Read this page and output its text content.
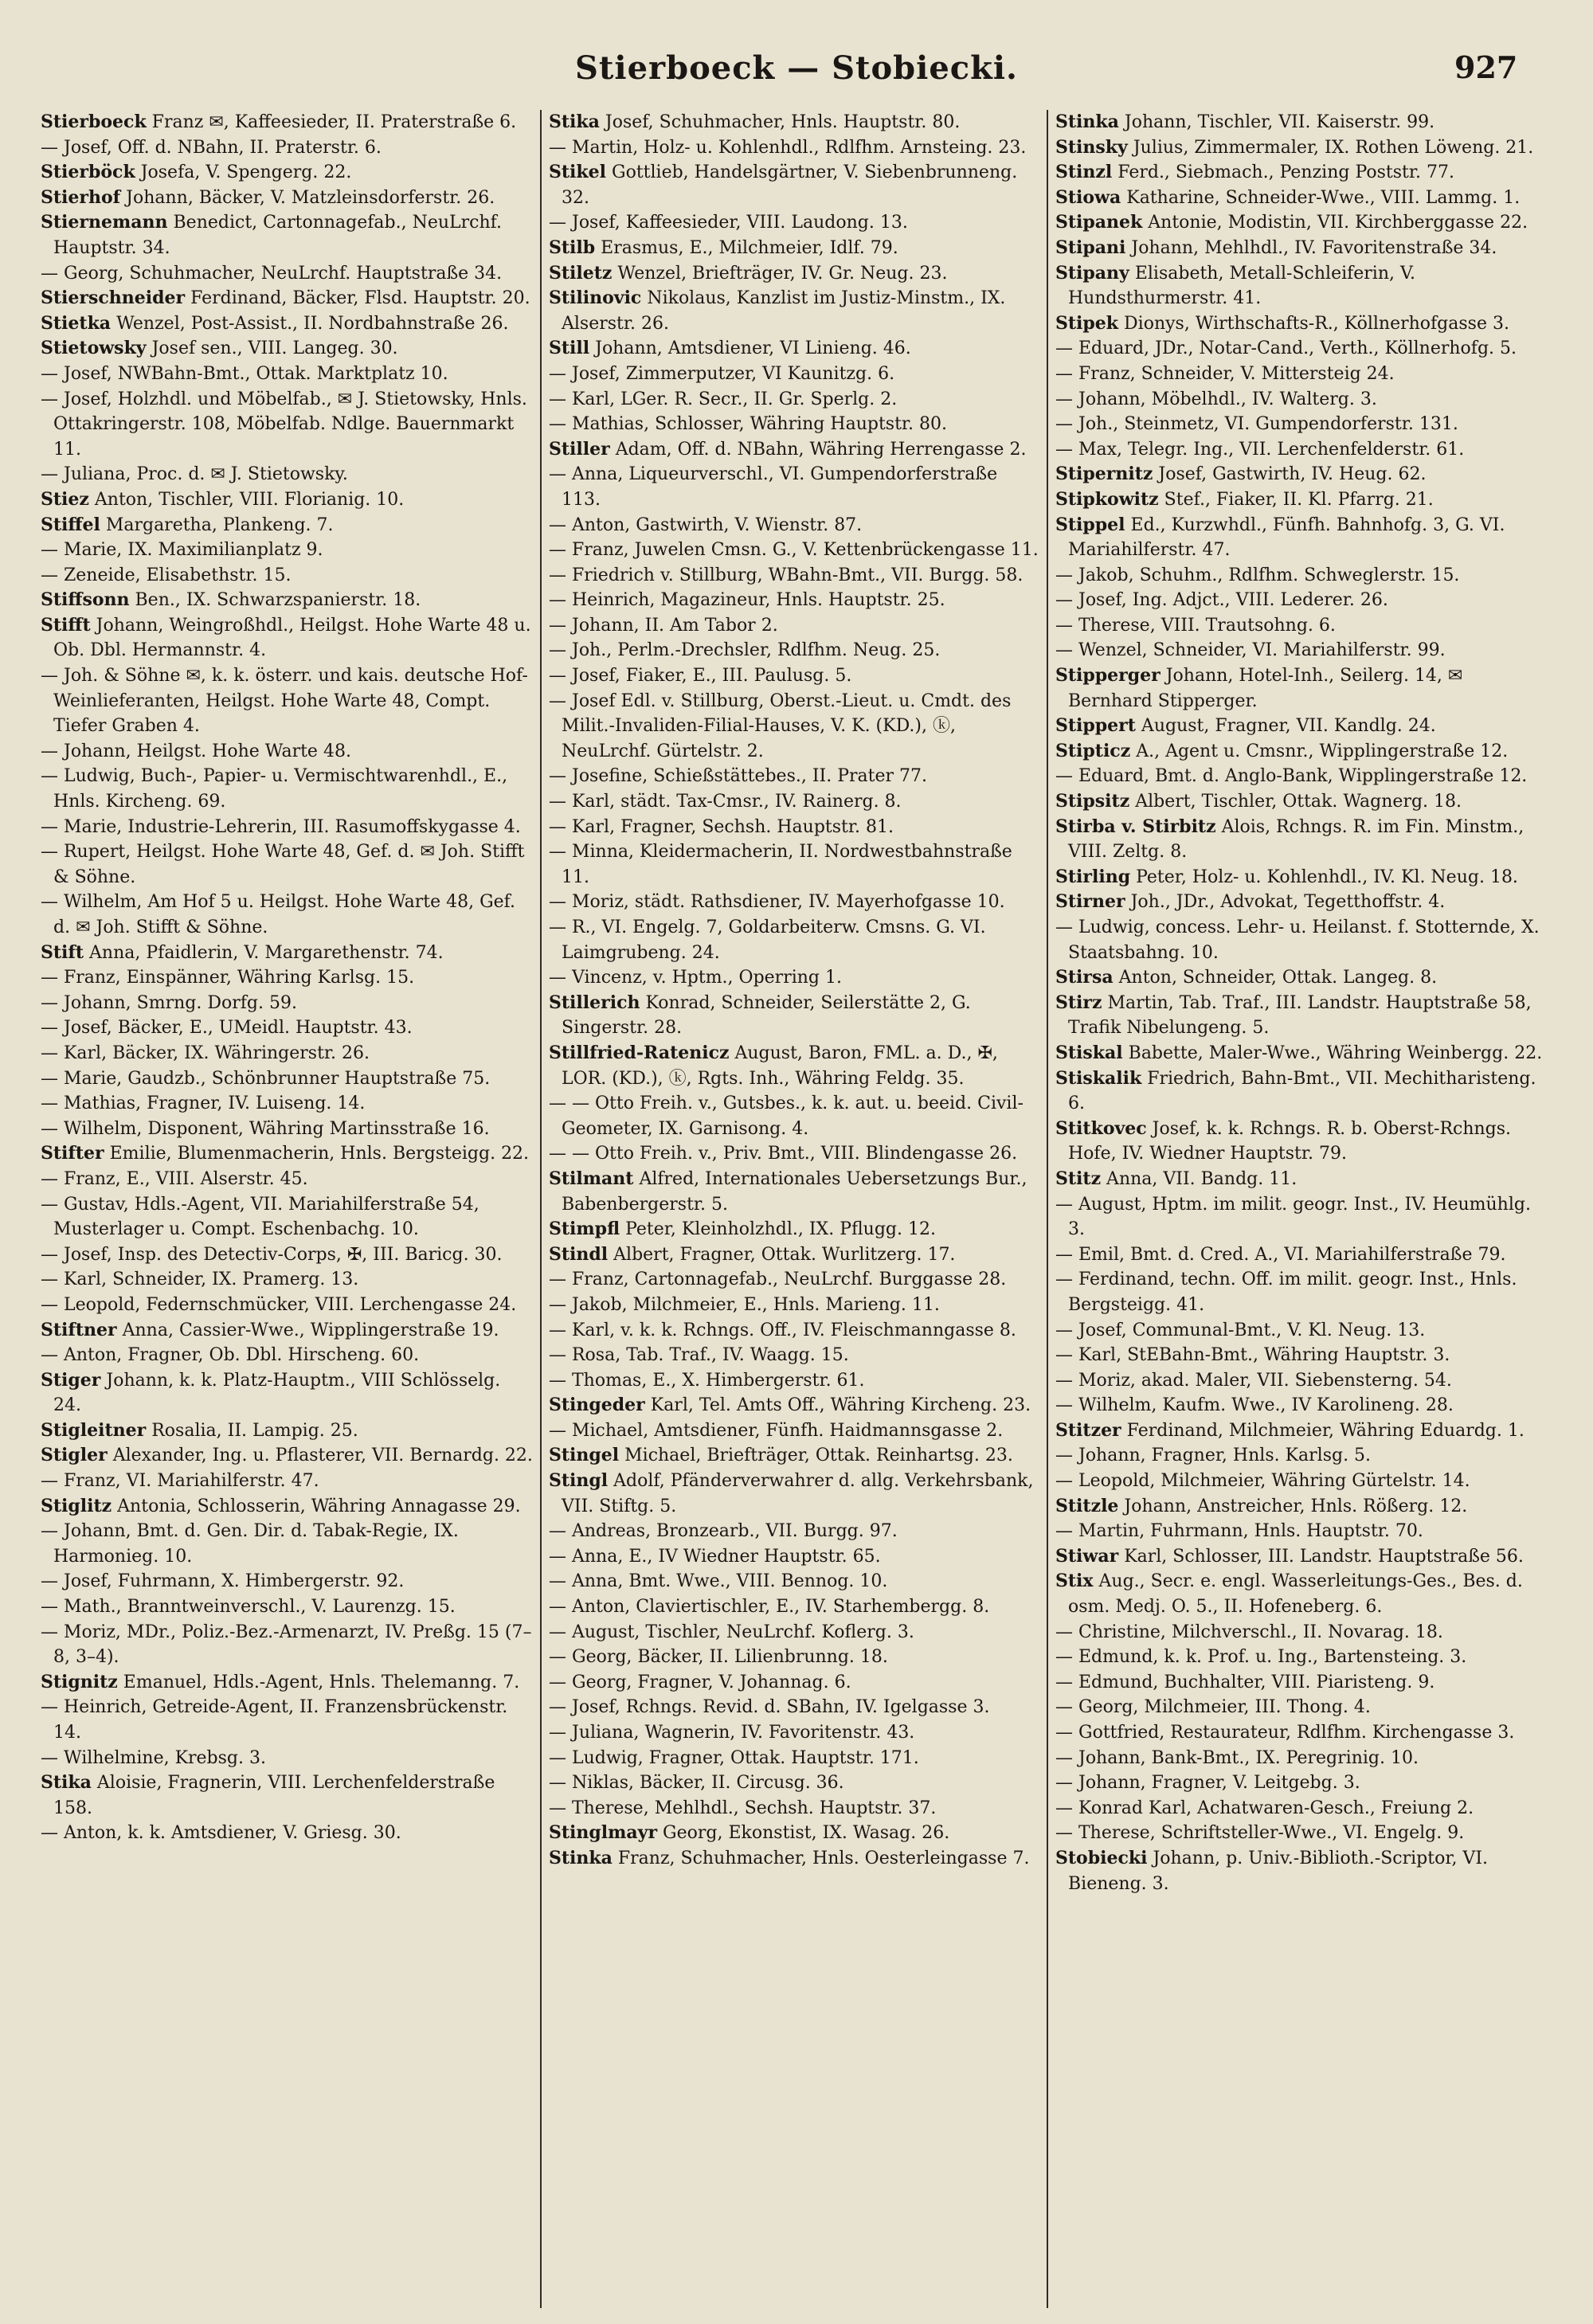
Stierboeck — Stobiecki.	927
Stierboeck Franz ✉, Kaffeesieder, II. Praterstraße 6.
— Josef, Off. d. NBahn, II. Praterstr. 6.
Stierböck Josefa, V. Spengerg. 22.
Stierhof Johann, Bäcker, V. Matzleinsdorferstr. 26.
Stiernemann Benedict, Cartonnagefab., NeuLrchf. Hauptstr. 34.
— Georg, Schuhmacher, NeuLrchf. Hauptstraße 34.
Stierschneider Ferdinand, Bäcker, Flsd. Hauptstr. 20.
Stietka Wenzel, Post-Assist., II. Nordbahnstraße 26.
Stietowsky Josef sen., VIII. Langeg. 30.
— Josef, NWBahn-Bmt., Ottak. Marktplatz 10.
— Josef, Holzhdl. und Möbelfab., ✉ J. Stietowsky, Hnls. Ottakringerstr. 108, Möbelfab. Ndlge. Bauernmarkt 11.
— Juliana, Proc. d. ✉ J. Stietowsky.
Stiez Anton, Tischler, VIII. Florianig. 10.
Stiffel Margaretha, Plankeng. 7.
— Marie, IX. Maximilianplatz 9.
— Zeneide, Elisabethstr. 15.
Stiffsonn Ben., IX. Schwarzspanierstr. 18.
Stifft Johann, Weingroßhdl., Heilgst. Hohe Warte 48 u. Ob. Dbl. Hermannstr. 4.
— Joh. & Söhne ✉, k. k. österr. und kais. deutsche Hof-Weinlieferanten, Heilgst. Hohe Warte 48, Compt. Tiefer Graben 4.
— Johann, Heilgst. Hohe Warte 48.
— Ludwig, Buch-, Papier- u. Vermischtwarenhdl., E., Hnls. Kircheng. 69.
— Marie, Industrie-Lehrerin, III. Rasumoffskygasse 4.
— Rupert, Heilgst. Hohe Warte 48, Gef. d. ✉ Joh. Stifft & Söhne.
— Wilhelm, Am Hof 5 u. Heilgst. Hohe Warte 48, Gef. d. ✉ Joh. Stifft & Söhne.
Stift Anna, Pfaidlerin, V. Margarethenstr. 74.
— Franz, Einspänner, Währing Karlsg. 15.
— Johann, Smrng. Dorfg. 59.
— Josef, Bäcker, E., UMeidl. Hauptstr. 43.
— Karl, Bäcker, IX. Währingerstr. 26.
— Marie, Gaudzb., Schönbrunner Hauptstraße 75.
— Mathias, Fragner, IV. Luiseng. 14.
— Wilhelm, Disponent, Währing Martinsstraße 16.
Stifter Emilie, Blumenmacherin, Hnls. Bergsteigg. 22.
— Franz, E., VIII. Alserstr. 45.
— Gustav, Hdls.-Agent, VII. Mariahilferstraße 54, Musterlager u. Compt. Eschenbachg. 10.
— Josef, Insp. des Detectiv-Corps, ✠, III. Baricg. 30.
— Karl, Schneider, IX. Pramerg. 13.
— Leopold, Federnschmücker, VIII. Lerchengasse 24.
Stiftner Anna, Cassier-Wwe., Wipplingerstraße 19.
— Anton, Fragner, Ob. Dbl. Hirscheng. 60.
Stiger Johann, k. k. Platz-Hauptm., VIII Schlösselg. 24.
Stigleitner Rosalia, II. Lampig. 25.
Stigler Alexander, Ing. u. Pflasterer, VII. Bernardg. 22.
— Franz, VI. Mariahilferstr. 47.
Stiglitz Antonia, Schlosserin, Währing Annagasse 29.
— Johann, Bmt. d. Gen. Dir. d. Tabak-Regie, IX. Harmonieg. 10.
— Josef, Fuhrmann, X. Himbergerstr. 92.
— Math., Branntweinverschl., V. Laurenzg. 15.
— Moriz, MDr., Poliz.-Bez.-Armenarzt, IV. Preßg. 15 (7–8, 3–4).
Stignitz Emanuel, Hdls.-Agent, Hnls. Thelemanng. 7.
— Heinrich, Getreide-Agent, II. Franzensbrückenstr. 14.
— Wilhelmine, Krebsg. 3.
Stika Aloisie, Fragnerin, VIII. Lerchenfelderstraße 158.
— Anton, k. k. Amtsdiener, V. Griesg. 30.
Stika Josef, Schuhmacher, Hnls. Hauptstr. 80.
— Martin, Holz- u. Kohlenhdl., Rdlfhm. Arnsteing. 23.
Stikel Gottlieb, Handelsgärtner, V. Siebenbrunneng. 32.
— Josef, Kaffeesieder, VIII. Laudong. 13.
Stilb Erasmus, E., Milchmeier, Idlf. 79.
Stiletz Wenzel, Briefträger, IV. Gr. Neug. 23.
Stilinovic Nikolaus, Kanzlist im Justiz-Minstm., IX. Alserstr. 26.
Still Johann, Amtsdiener, VI Linieng. 46.
— Josef, Zimmerputzer, VI Kaunitzg. 6.
— Karl, LGer. R. Secr., II. Gr. Sperlg. 2.
— Mathias, Schlosser, Währing Hauptstr. 80.
Stiller Adam, Off. d. NBahn, Währing Herrengasse 2.
— Anna, Liqueurverschl., VI. Gumpendorferstraße 113.
— Anton, Gastwirth, V. Wienstr. 87.
— Franz, Juwelen Cmsn. G., V. Kettenbrückengasse 11.
— Friedrich v. Stillburg, WBahn-Bmt., VII. Burgg. 58.
— Heinrich, Magazineur, Hnls. Hauptstr. 25.
— Johann, II. Am Tabor 2.
— Joh., Perlm.-Drechsler, Rdlfhm. Neug. 25.
— Josef, Fiaker, E., III. Paulusg. 5.
— Josef Edl. v. Stillburg, Oberst.-Lieut. u. Cmdt. des Milit.-Invaliden-Filial-Hauses, V. K. (KD.), ⓚ, NeuLrchf. Gürtelstr. 2.
— Josefine, Schießstättebes., II. Prater 77.
— Karl, städt. Tax-Cmsr., IV. Rainerg. 8.
— Karl, Fragner, Sechsh. Hauptstr. 81.
— Minna, Kleidermacherin, II. Nordwestbahnstraße 11.
— Moriz, städt. Rathsdiener, IV. Mayerhofgasse 10.
— R., VI. Engelg. 7, Goldarbeiterw. Cmsns. G. VI. Laimgrubeng. 24.
— Vincenz, v. Hptm., Operring 1.
Stillerich Konrad, Schneider, Seilerstätte 2, G. Singerstr. 28.
Stillfried-Ratenicz August, Baron, FML. a. D., ✠, LOR. (KD.), ⓚ, Rgts. Inh., Währing Feldg. 35.
— — Otto Freih. v., Gutsbes., k. k. aut. u. beeid. Civil-Geometer, IX. Garnisong. 4.
— — Otto Freih. v., Priv. Bmt., VIII. Blindengasse 26.
Stilmant Alfred, Internationales Uebersetzungs Bur., Babenbergerstr. 5.
Stimpfl Peter, Kleinholzhdl., IX. Pflugg. 12.
Stindl Albert, Fragner, Ottak. Wurlitzerg. 17.
— Franz, Cartonnagefab., NeuLrchf. Burggasse 28.
— Jakob, Milchmeier, E., Hnls. Marieng. 11.
— Karl, v. k. k. Rchngs. Off., IV. Fleischmanngasse 8.
— Rosa, Tab. Traf., IV. Waagg. 15.
— Thomas, E., X. Himbergerstr. 61.
Stingeder Karl, Tel. Amts Off., Währing Kircheng. 23.
— Michael, Amtsdiener, Fünfh. Haidmannsgasse 2.
Stingel Michael, Briefträger, Ottak. Reinhartsg. 23.
Stingl Adolf, Pfänderverwahrer d. allg. Verkehrsbank, VII. Stiftg. 5.
— Andreas, Bronzearb., VII. Burgg. 97.
— Anna, E., IV Wiedner Hauptstr. 65.
— Anna, Bmt. Wwe., VIII. Bennog. 10.
— Anton, Claviertischler, E., IV. Starhembergg. 8.
— August, Tischler, NeuLrchf. Koflerg. 3.
— Georg, Bäcker, II. Lilienbrunng. 18.
— Georg, Fragner, V. Johannag. 6.
— Josef, Rchngs. Revid. d. SBahn, IV. Igelgasse 3.
— Juliana, Wagnerin, IV. Favoritenstr. 43.
— Ludwig, Fragner, Ottak. Hauptstr. 171.
— Niklas, Bäcker, II. Circusg. 36.
— Therese, Mehlhdl., Sechsh. Hauptstr. 37.
Stinglmayr Georg, Ekonstist, IX. Wasag. 26.
Stinka Franz, Schuhmacher, Hnls. Oesterleingasse 7.
Stinka Johann, Tischler, VII. Kaiserstr. 99.
Stinsky Julius, Zimmermaler, IX. Rothen Löweng. 21.
Stinzl Ferd., Siebmach., Penzing Poststr. 77.
Stiowa Katharine, Schneider-Wwe., VIII. Lammg. 1.
Stipanek Antonie, Modistin, VII. Kirchberggasse 22.
Stipani Johann, Mehlhdl., IV. Favoritenstraße 34.
Stipany Elisabeth, Metall-Schleiferin, V. Hundsthurmerstr. 41.
Stipek Dionys, Wirthschafts-R., Köllnerhofgasse 3.
— Eduard, JDr., Notar-Cand., Verth., Köllnerhofg. 5.
— Franz, Schneider, V. Mittersteig 24.
— Johann, Möbelhdl., IV. Walterg. 3.
— Joh., Steinmetz, VI. Gumpendorferstr. 131.
— Max, Telegr. Ing., VII. Lerchenfelderstr. 61.
Stipernitz Josef, Gastwirth, IV. Heug. 62.
Stipkowitz Stef., Fiaker, II. Kl. Pfarrg. 21.
Stippel Ed., Kurzwhdl., Fünfh. Bahnhofg. 3, G. VI. Mariahilferstr. 47.
— Jakob, Schuhm., Rdlfhm. Schweglerstr. 15.
— Josef, Ing. Adjct., VIII. Lederer. 26.
— Therese, VIII. Trautsohng. 6.
— Wenzel, Schneider, VI. Mariahilferstr. 99.
Stipperger Johann, Hotel-Inh., Seilerg. 14, ✉ Bernhard Stipperger.
Stippert August, Fragner, VII. Kandlg. 24.
Stipticz A., Agent u. Cmsnr., Wipplingerstraße 12.
— Eduard, Bmt. d. Anglo-Bank, Wipplingerstraße 12.
Stipsitz Albert, Tischler, Ottak. Wagnerg. 18.
Stirba v. Stirbitz Alois, Rchngs. R. im Fin. Minstm., VIII. Zeltg. 8.
Stirling Peter, Holz- u. Kohlenhdl., IV. Kl. Neug. 18.
Stirner Joh., JDr., Advokat, Tegetthoffstr. 4.
— Ludwig, concess. Lehr- u. Heilanst. f. Stotternde, X. Staatsbahng. 10.
Stirsa Anton, Schneider, Ottak. Langeg. 8.
Stirz Martin, Tab. Traf., III. Landstr. Hauptstraße 58, Trafik Nibelungeng. 5.
Stiskal Babette, Maler-Wwe., Währing Weinbergg. 22.
Stiskalik Friedrich, Bahn-Bmt., VII. Mechitharisteng. 6.
Stitkovec Josef, k. k. Rchngs. R. b. Oberst-Rchngs. Hofe, IV. Wiedner Hauptstr. 79.
Stitz Anna, VII. Bandg. 11.
— August, Hptm. im milit. geogr. Inst., IV. Heumühlg. 3.
— Emil, Bmt. d. Cred. A., VI. Mariahilferstraße 79.
— Ferdinand, techn. Off. im milit. geogr. Inst., Hnls. Bergsteigg. 41.
— Josef, Communal-Bmt., V. Kl. Neug. 13.
— Karl, StEBahn-Bmt., Währing Hauptstr. 3.
— Moriz, akad. Maler, VII. Siebensterng. 54.
— Wilhelm, Kaufm. Wwe., IV Karolineng. 28.
Stitzer Ferdinand, Milchmeier, Währing Eduardg. 1.
— Johann, Fragner, Hnls. Karlsg. 5.
— Leopold, Milchmeier, Währing Gürtelstr. 14.
Stitzle Johann, Anstreicher, Hnls. Rößerg. 12.
— Martin, Fuhrmann, Hnls. Hauptstr. 70.
Stiwar Karl, Schlosser, III. Landstr. Hauptstraße 56.
Stix Aug., Secr. e. engl. Wasserleitungs-Ges., Bes. d. osm. Medj. O. 5., II. Hofeneberg. 6.
— Christine, Milchverschl., II. Novarag. 18.
— Edmund, k. k. Prof. u. Ing., Bartensteing. 3.
— Edmund, Buchhalter, VIII. Piaristeng. 9.
— Georg, Milchmeier, III. Thong. 4.
— Gottfried, Restaurateur, Rdlfhm. Kirchengasse 3.
— Johann, Bank-Bmt., IX. Peregrinig. 10.
— Johann, Fragner, V. Leitgebg. 3.
— Konrad Karl, Achatwaren-Gesch., Freiung 2.
— Therese, Schriftsteller-Wwe., VI. Engelg. 9.
Stobiecki Johann, p. Univ.-Biblioth.-Scriptor, VI. Bieneng. 3.
